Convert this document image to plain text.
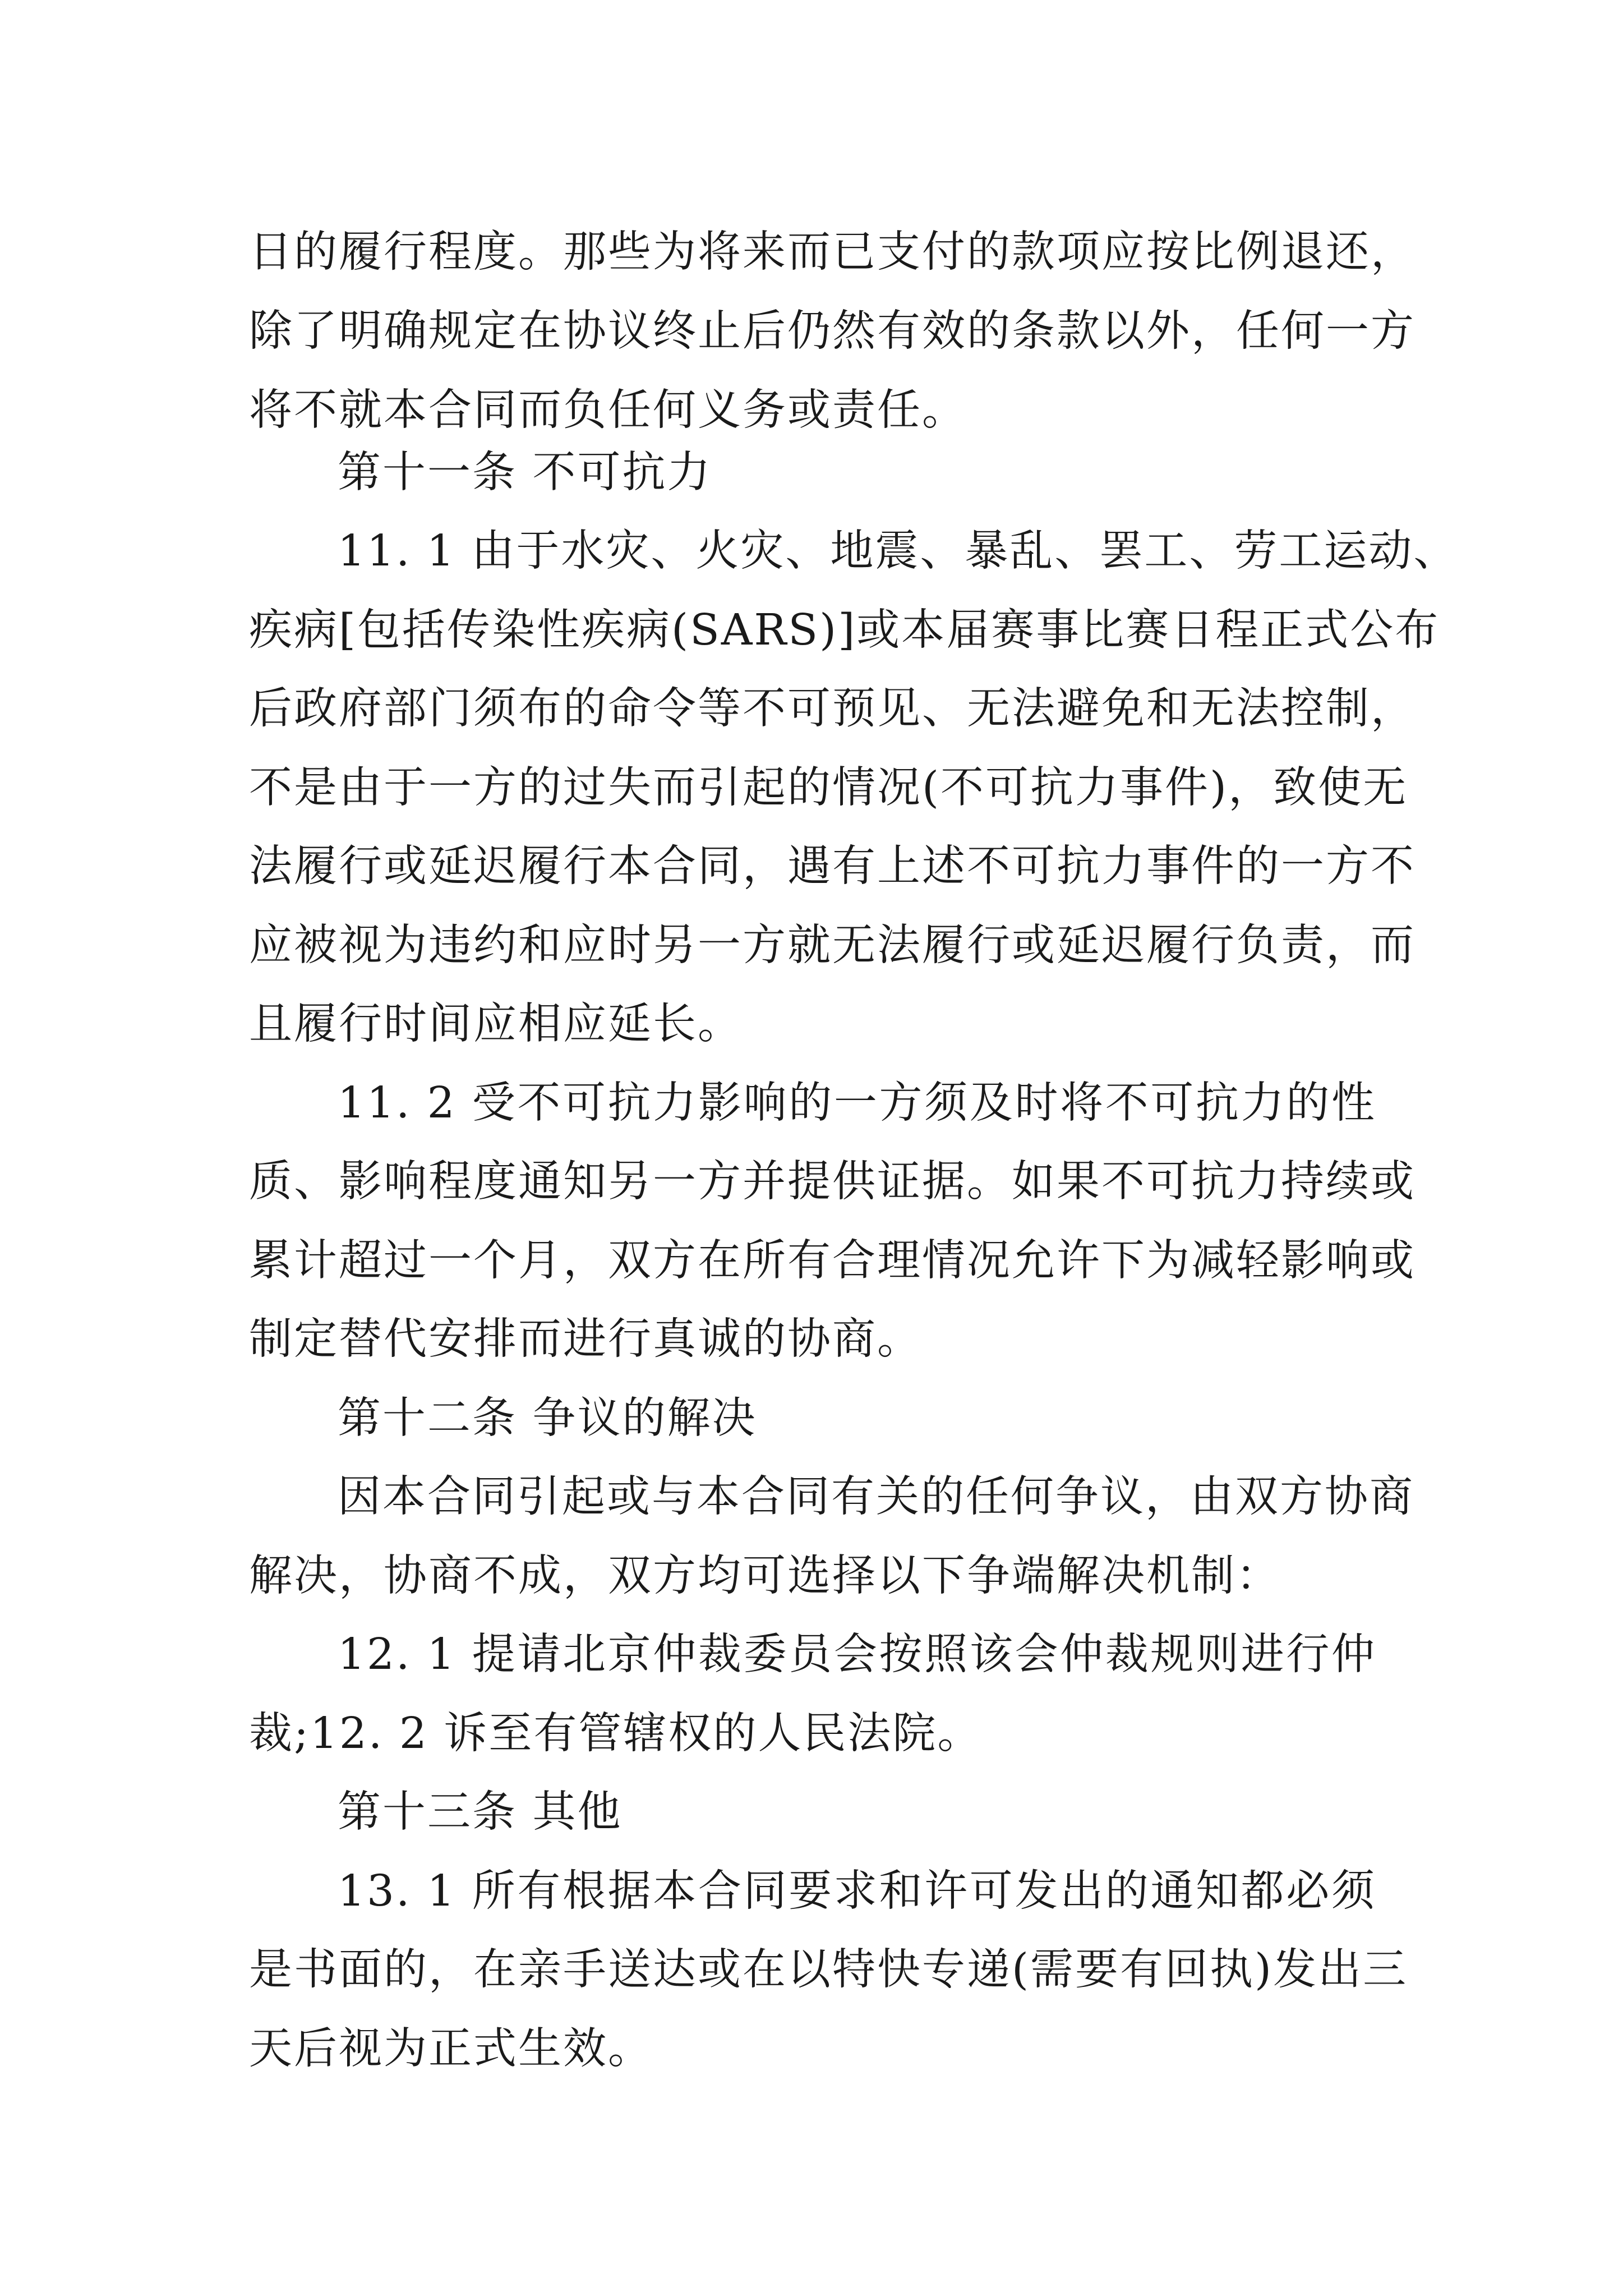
日的履行程度。那些为将来而已支付的款项应按比例退还，
除了明确规定在协议终止后仍然有效的条款以外，任何一方
将不就本合同而负任何义务或责任。
第十一条 不可抗力
11. 1 由于水灾、火灾、地震、暴乱、罢工、劳工运动、
疾病[包括传染性疾病(SARS)]或本届赛事比赛日程正式公布
后政府部门须布的命令等不可预见、无法避免和无法控制，
不是由于一方的过失而引起的情况(不可抗力事件)，致使无
法履行或延迟履行本合同，遇有上述不可抗力事件的一方不
应被视为违约和应时另一方就无法履行或延迟履行负责，而
且履行时间应相应延长。
11. 2 受不可抗力影响的一方须及时将不可抗力的性
质、影响程度通知另一方并提供证据。如果不可抗力持续或
累计超过一个月，双方在所有合理情况允许下为减轻影响或
制定替代安排而进行真诚的协商。
第十二条 争议的解决
因本合同引起或与本合同有关的任何争议，由双方协商
解决，协商不成，双方均可选择以下争端解决机制：
12. 1 提请北京仲裁委员会按照该会仲裁规则进行仲
裁;12. 2 诉至有管辖权的人民法院。
第十三条 其他
13. 1 所有根据本合同要求和许可发出的通知都必须
是书面的，在亲手送达或在以特快专递(需要有回执)发出三
天后视为正式生效。
